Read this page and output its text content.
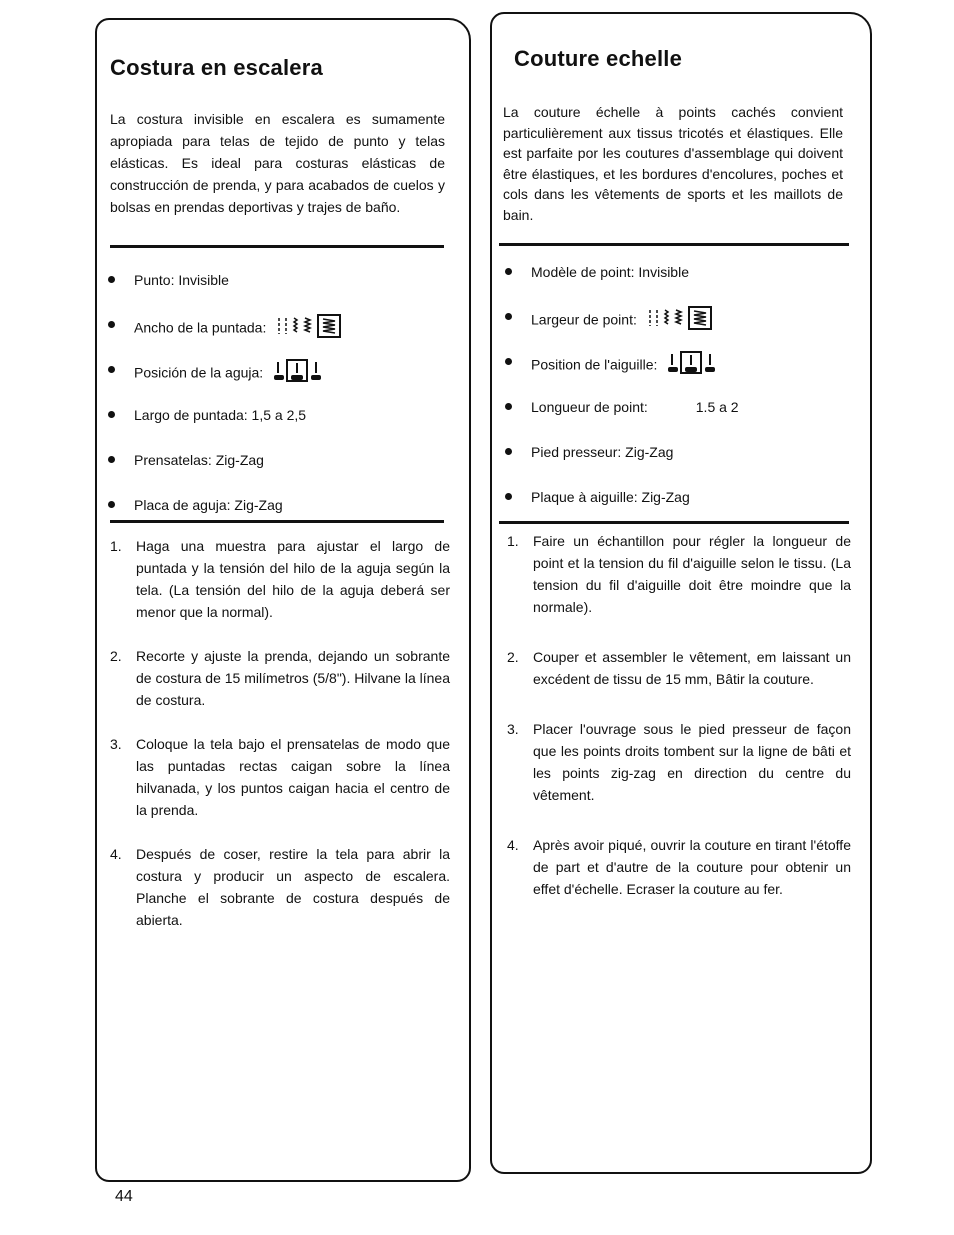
Costura en escalera

La costura invisible en escalera es sumamente apropiada para telas de tejido de punto y telas elásticas. Es ideal para costuras elásticas de construcción de prenda, y para acabados de cuelos y bolsas en prendas deportivas y trajes de baño.

Punto: Invisible
Ancho de la puntada:
Posición de la aguja:
Largo de puntada: 1,5 a 2,5
Prensatelas: Zig-Zag
Placa de aguja: Zig-Zag
1. Haga una muestra para ajustar el largo de puntada y la tensión del hilo de la aguja según la tela. (La tensión del hilo de la aguja deberá ser menor que la normal).
2. Recorte y ajuste la prenda, dejando un sobrante de costura de 15 milímetros (5/8"). Hilvane la línea de costura.
3. Coloque la tela bajo el prensatelas de modo que las puntadas rectas caigan sobre la línea hilvanada, y los puntos caigan hacia el centro de la prenda.
4. Después de coser, restire la tela para abrir la costura y producir un aspecto de escalera. Planche el sobrante de costura después de abierta.
Couture echelle

La couture échelle à points cachés convient particulièrement aux tissus tricotés et élastiques. Elle est parfaite por les coutures d'assemblage qui doivent être élastiques, et les bordures d'encolures, poches et cols dans les vêtements de sports et les maillots de bain.

Modèle de point: Invisible
Largeur de point:
Position de l'aiguille:
Longueur de point:	1.5 a 2
Pied presseur: Zig-Zag
Plaque à aiguille: Zig-Zag
1. Faire un échantillon pour régler la longueur de point et la tension du fil d'aiguille selon le tissu. (La tension du fil d'aiguille doit être moindre que la normale).
2. Couper et assembler le vêtement, em laissant un excédent de tissu de 15 mm, Bâtir la couture.
3. Placer l'ouvrage sous le pied presseur de façon que les points droits tombent sur la ligne de bâti et les points zig-zag en direction du centre du vêtement.
4. Après avoir piqué, ouvrir la couture en tirant l'étoffe de part et d'autre de la couture pour obtenir un effet d'échelle. Ecraser la couture au fer.
44
